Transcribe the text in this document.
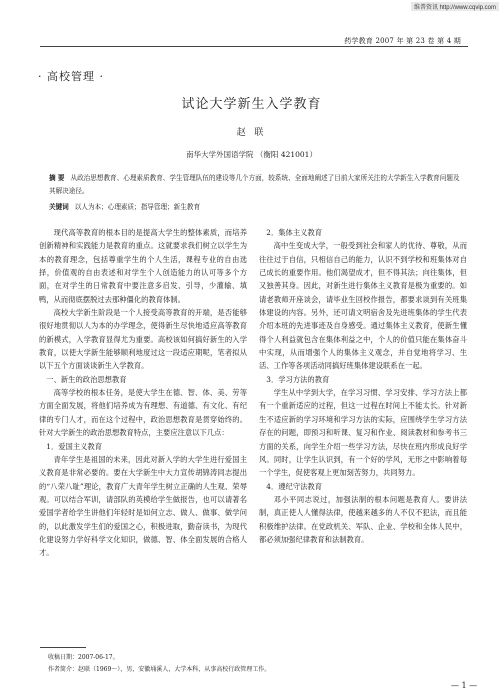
维普资讯 http://www.cqvip.com
药学教育 2007 年 第 23 卷 第 4 期
· 高校管理 ·
试论大学新生入学教育
赵 联
南华大学外国语学院 （衡阳 421001）
摘 要 从政治思想教育、心理素质教育、学生管理队伍的建设等几个方面，较系统、全面地阐述了目前大家所关注的大学新生入学教育问题及其解决途径。
关键词 以人为本；心理素质；指导管理；新生教育

现代高等教育的根本目的是提高大学生的整体素质，而培养创新精神和实践能力是教育的重点。这就要求我们树立以学生为本的教育理念，包括尊重学生的个人生活，课程专业的自由选择，价值观的自由表述和对学生个人创造能力的认可等多个方面，在对学生的日常教育中要注意多启发、引导，少灌输、填鸭，从而彻底摆脱过去那种僵化的教育体制。

高校大学新生阶段是一个人接受高等教育的开端，是否能够很好地贯彻以人为本的办学理念，使得新生尽快地适应高等教育的新模式，入学教育显得尤为重要。高校该如何搞好新生的入学教育，以使大学新生能够顺利地度过这一段适应期呢，笔者拟从以下五个方面谈谈新生入学教育。

一、新生的政治思想教育

高等学校的根本任务，是使大学生在德、智、体、美、劳等方面全面发展，将他们培养成为有理想、有道德、有文化、有纪律的专门人才，而在这个过程中，政治思想教育是贯穿始终的。针对大学新生的政治思想教育特点，主要应注意以下几点：

1．爱国主义教育

青年学生是祖国的未来，因此对新入学的大学生进行爱国主义教育是非常必要的。要在大学新生中大力宣传胡锦涛同志提出的“八荣八耻”理论，教育广大青年学生树立正确的人生观、荣辱观。可以结合军训，请部队的英模给学生做报告，也可以请著名爱国学者给学生讲他们年轻时是如何立志、做人、做事、做学问的，以此激发学生们的爱国之心，积极进取，勤奋读书，为现代化建设努力学好科学文化知识，做德、智、体全面发展的合格人才。

2．集体主义教育

高中生变成大学，一般受到社会和家人的优待、尊敬，从而往往过于自信，只相信自己的能力，认识不到学校和班集体对自己成长的重要作用。他们渴望成才，但不得其法；向往集体，但又独善其身。因此，对新生进行集体主义教育是极为重要的。如请老教师开座谈会，请毕业生回校作报告，都要求谈到有关班集体建设的内容。另外，还可请文明宿舍及先进班集体的学生代表介绍本班的先进事迹及自身感受。通过集体主义教育，使新生懂得个人利益就包含在集体利益之中，个人的价值只能在集体奋斗中实现，从而增强个人的集体主义观念，并自觉地将学习、生活、工作等各项活动同搞好班集体建设联系在一起。

3．学习方法的教育

学生从中学到大学，在学习习惯、学习安排、学习方法上都有一个重新适应的过程，但这一过程在时间上不能太长。针对新生不适应新的学习环境和学习方法的实际，应围绕学生学习方法存在的问题，即预习和听课、复习和作业、阅读教材和参考书三方面的关系，向学生介绍一些学习方法，尽快在班内形成良好学风。同时，让学生认识到，有一个好的学风，无形之中影响着每一个学生，促使客观上更加刻苦努力，共同努力。

4．遵纪守法教育

邓小平同志说过，加强法制的根本问题是教育人。要讲法制，真正使人人懂得法律，使越来越多的人不仅不犯法，而且能积极维护法律。在党政机关、军队、企业、学校和全体人民中，都必须加强纪律教育和法制教育。

收稿日期：2007-06-17。
作者简介：赵联（1969～），男，安徽埇溪人，大学本科，从事高校行政管理工作。
— 1 —
